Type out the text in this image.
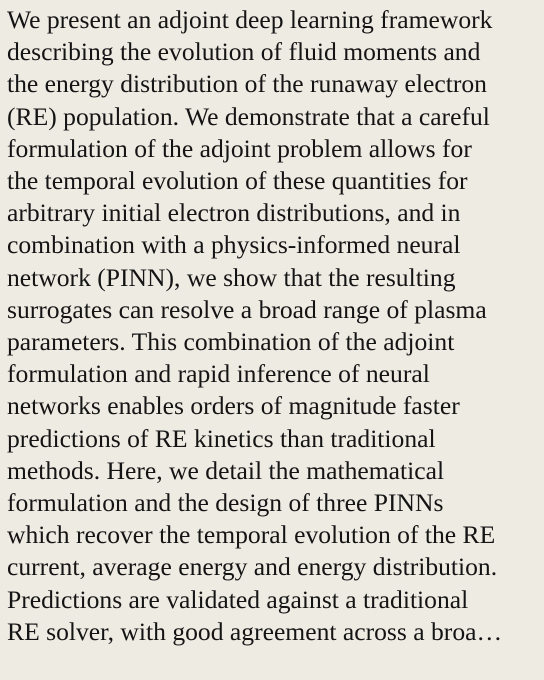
We present an adjoint deep learning framework
describing the evolution of fluid moments and
the energy distribution of the runaway electron
(RE) population. We demonstrate that a careful
formulation of the adjoint problem allows for
the temporal evolution of these quantities for
arbitrary initial electron distributions, and in
combination with a physics-informed neural
network (PINN), we show that the resulting
surrogates can resolve a broad range of plasma
parameters. This combination of the adjoint
formulation and rapid inference of neural
networks enables orders of magnitude faster
predictions of RE kinetics than traditional
methods. Here, we detail the mathematical
formulation and the design of three PINNs
which recover the temporal evolution of the RE
current, average energy and energy distribution.
Predictions are validated against a traditional
RE solver, with good agreement across a broa…
